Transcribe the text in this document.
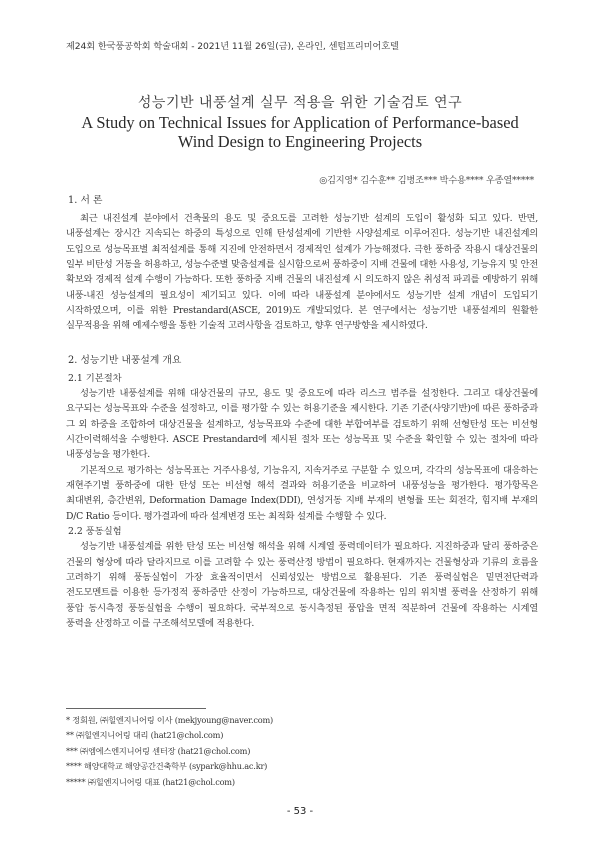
제24회 한국풍공학회 학술대회 - 2021년 11월 26일(금), 온라인, 센텀프리미어호텔

성능기반 내풍설계 실무 적용을 위한 기술검토 연구

A Study on Technical Issues for Application of Performance-based

Wind Design to Engineering Projects

◎김지영* 김수훈** 김병조*** 박수용**** 우종열*****
1. 서 론

최근 내진설계 분야에서 건축물의 용도 및 중요도를 고려한 성능기반 설계의 도입이 활성화 되고 있다. 반면, 내풍설계는 장시간 지속되는 하중의 특성으로 인해 탄성설계에 기반한 사양설계로 이루어진다. 성능기반 내진설계의 도입으로 성능목표별 최적설계를 통해 지진에 안전하면서 경제적인 설계가 가능해졌다. 극한 풍하중 작용시 대상건물의 일부 비탄성 거동을 허용하고, 성능수준별 맞춤설계를 실시함으로써 풍하중이 지배 건물에 대한 사용성, 기능유지 및 안전 확보와 경제적 설계 수행이 가능하다. 또한 풍하중 지배 건물의 내진설계 시 의도하지 않은 취성적 파괴를 예방하기 위해 내풍-내진 성능설계의 필요성이 제기되고 있다. 이에 따라 내풍설계 분야에서도 성능기반 설계 개념이 도입되기 시작하였으며, 이를 위한 Prestandard(ASCE, 2019)도 개발되었다. 본 연구에서는 성능기반 내풍설계의 원활한 실무적용을 위해 예제수행을 통한 기술적 고려사항을 검토하고, 향후 연구방향을 제시하였다.

2. 성능기반 내풍설계 개요
2.1 기본절차

성능기반 내풍설계를 위해 대상건물의 규모, 용도 및 중요도에 따라 리스크 범주를 설정한다. 그리고 대상건물에 요구되는 성능목표와 수준을 설정하고, 이를 평가할 수 있는 허용기준을 제시한다. 기존 기준(사양기반)에 따른 풍하중과 그 외 하중을 조합하여 대상건물을 설계하고, 성능목표와 수준에 대한 부합여부를 검토하기 위해 선형탄성 또는 비선형 시간이력해석을 수행한다. ASCE Prestandard에 제시된 절차 또는 성능목표 및 수준을 확인할 수 있는 절차에 따라 내풍성능을 평가한다.

기본적으로 평가하는 성능목표는 거주사용성, 기능유지, 지속거주로 구분할 수 있으며, 각각의 성능목표에 대응하는 재현주기별 풍하중에 대한 탄성 또는 비선형 해석 결과와 허용기준을 비교하여 내풍성능을 평가한다. 평가항목은 최대변위, 층간변위, Deformation Damage Index(DDI), 연성거동 지배 부재의 변형률 또는 회전각, 힘지배 부재의 D/C Ratio 등이다. 평가결과에 따라 설계변경 또는 최적화 설계를 수행할 수 있다.

2.2 풍동실험

성능기반 내풍설계를 위한 탄성 또는 비선형 해석을 위해 시계열 풍력데이터가 필요하다. 지진하중과 달리 풍하중은 건물의 형상에 따라 달라지므로 이를 고려할 수 있는 풍력산정 방법이 필요하다. 현재까지는 건물형상과 기류의 흐름을 고려하기 위해 풍동실험이 가장 효율적이면서 신뢰성있는 방법으로 활용된다. 기존 풍력실험은 밑면전단력과 전도모멘트를 이용한 등가정적 풍하중만 산정이 가능하므로, 대상건물에 작용하는 임의 위치별 풍력을 산정하기 위해 풍압 동시측정 풍동실험을 수행이 필요하다. 국부적으로 동시측정된 풍압을 면적 적분하여 건물에 작용하는 시계열 풍력을 산정하고 이를 구조해석모델에 적용한다.

* 정회원, ㈜힐엔지니어링 이사 (mekjyoung@naver.com)
** ㈜힐엔지니어링 대리 (hat21@chol.com)
*** ㈜엠에스엔지니어링 센터장 (hat21@chol.com)
**** 해양대학교 해양공간건축학부 (sypark@hhu.ac.kr)
***** ㈜힐엔지니어링 대표 (hat21@chol.com)
- 53 -
